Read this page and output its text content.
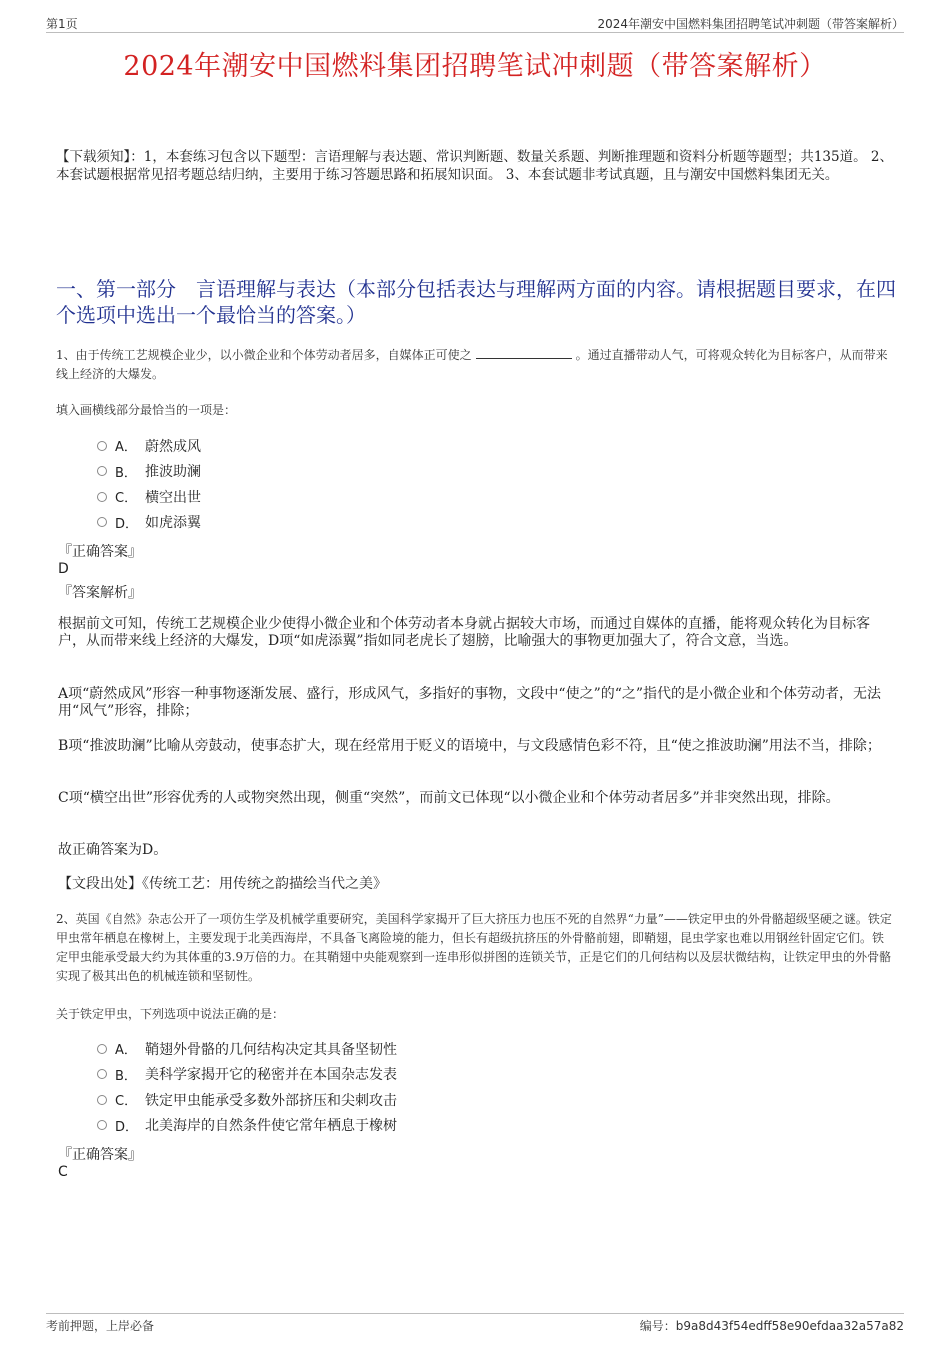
第1页	2024年潮安中国燃料集团招聘笔试冲刺题（带答案解析）
2024年潮安中国燃料集团招聘笔试冲刺题（带答案解析）
【下载须知】：1，本套练习包含以下题型：言语理解与表达题、常识判断题、数量关系题、判断推理题和资料分析题等题型；共135道。 2、本套试题根据常见招考题总结归纳，主要用于练习答题思路和拓展知识面。 3、本套试题非考试真题，且与潮安中国燃料集团无关。
一、第一部分　言语理解与表达（本部分包括表达与理解两方面的内容。请根据题目要求，在四个选项中选出一个最恰当的答案。）
1、由于传统工艺规模企业少，以小微企业和个体劳动者居多，自媒体正可使之	。通过直播带动人气，可将观众转化为目标客户，从而带来线上经济的大爆发。
填入画横线部分最恰当的一项是：
A． 蔚然成风
B． 推波助澜
C． 横空出世
D． 如虎添翼
『正确答案』
D
『答案解析』
根据前文可知，传统工艺规模企业少使得小微企业和个体劳动者本身就占据较大市场，而通过自媒体的直播，能将观众转化为目标客户，从而带来线上经济的大爆发，D项“如虎添翼”指如同老虎长了翅膀，比喻强大的事物更加强大了，符合文意，当选。
A项“蔚然成风”形容一种事物逐渐发展、盛行，形成风气，多指好的事物，文段中“使之”的“之”指代的是小微企业和个体劳动者，无法用“风气”形容，排除；
B项“推波助澜”比喻从旁鼓动，使事态扩大，现在经常用于贬义的语境中，与文段感情色彩不符，且“使之推波助澜”用法不当，排除；
C项“横空出世”形容优秀的人或物突然出现，侧重“突然”，而前文已体现“以小微企业和个体劳动者居多”并非突然出现，排除。
故正确答案为D。
【文段出处】《传统工艺：用传统之韵描绘当代之美》
2、英国《自然》杂志公开了一项仿生学及机械学重要研究，美国科学家揭开了巨大挤压力也压不死的自然界“力量”——铁定甲虫的外骨骼超级坚硬之谜。铁定甲虫常年栖息在橡树上，主要发现于北美西海岸，不具备飞离险境的能力，但长有超级抗挤压的外骨骼前翅，即鞘翅，昆虫学家也难以用钢丝针固定它们。铁定甲虫能承受最大约为其体重的3.9万倍的力。在其鞘翅中央能观察到一连串形似拼图的连锁关节，正是它们的几何结构以及层状微结构，让铁定甲虫的外骨骼实现了极其出色的机械连锁和坚韧性。
关于铁定甲虫，下列选项中说法正确的是：
A． 鞘翅外骨骼的几何结构决定其具备坚韧性
B． 美科学家揭开它的秘密并在本国杂志发表
C． 铁定甲虫能承受多数外部挤压和尖刺攻击
D． 北美海岸的自然条件使它常年栖息于橡树
『正确答案』
C
考前押题，上岸必备	编号：b9a8d43f54edff58e90efdaa32a57a82
